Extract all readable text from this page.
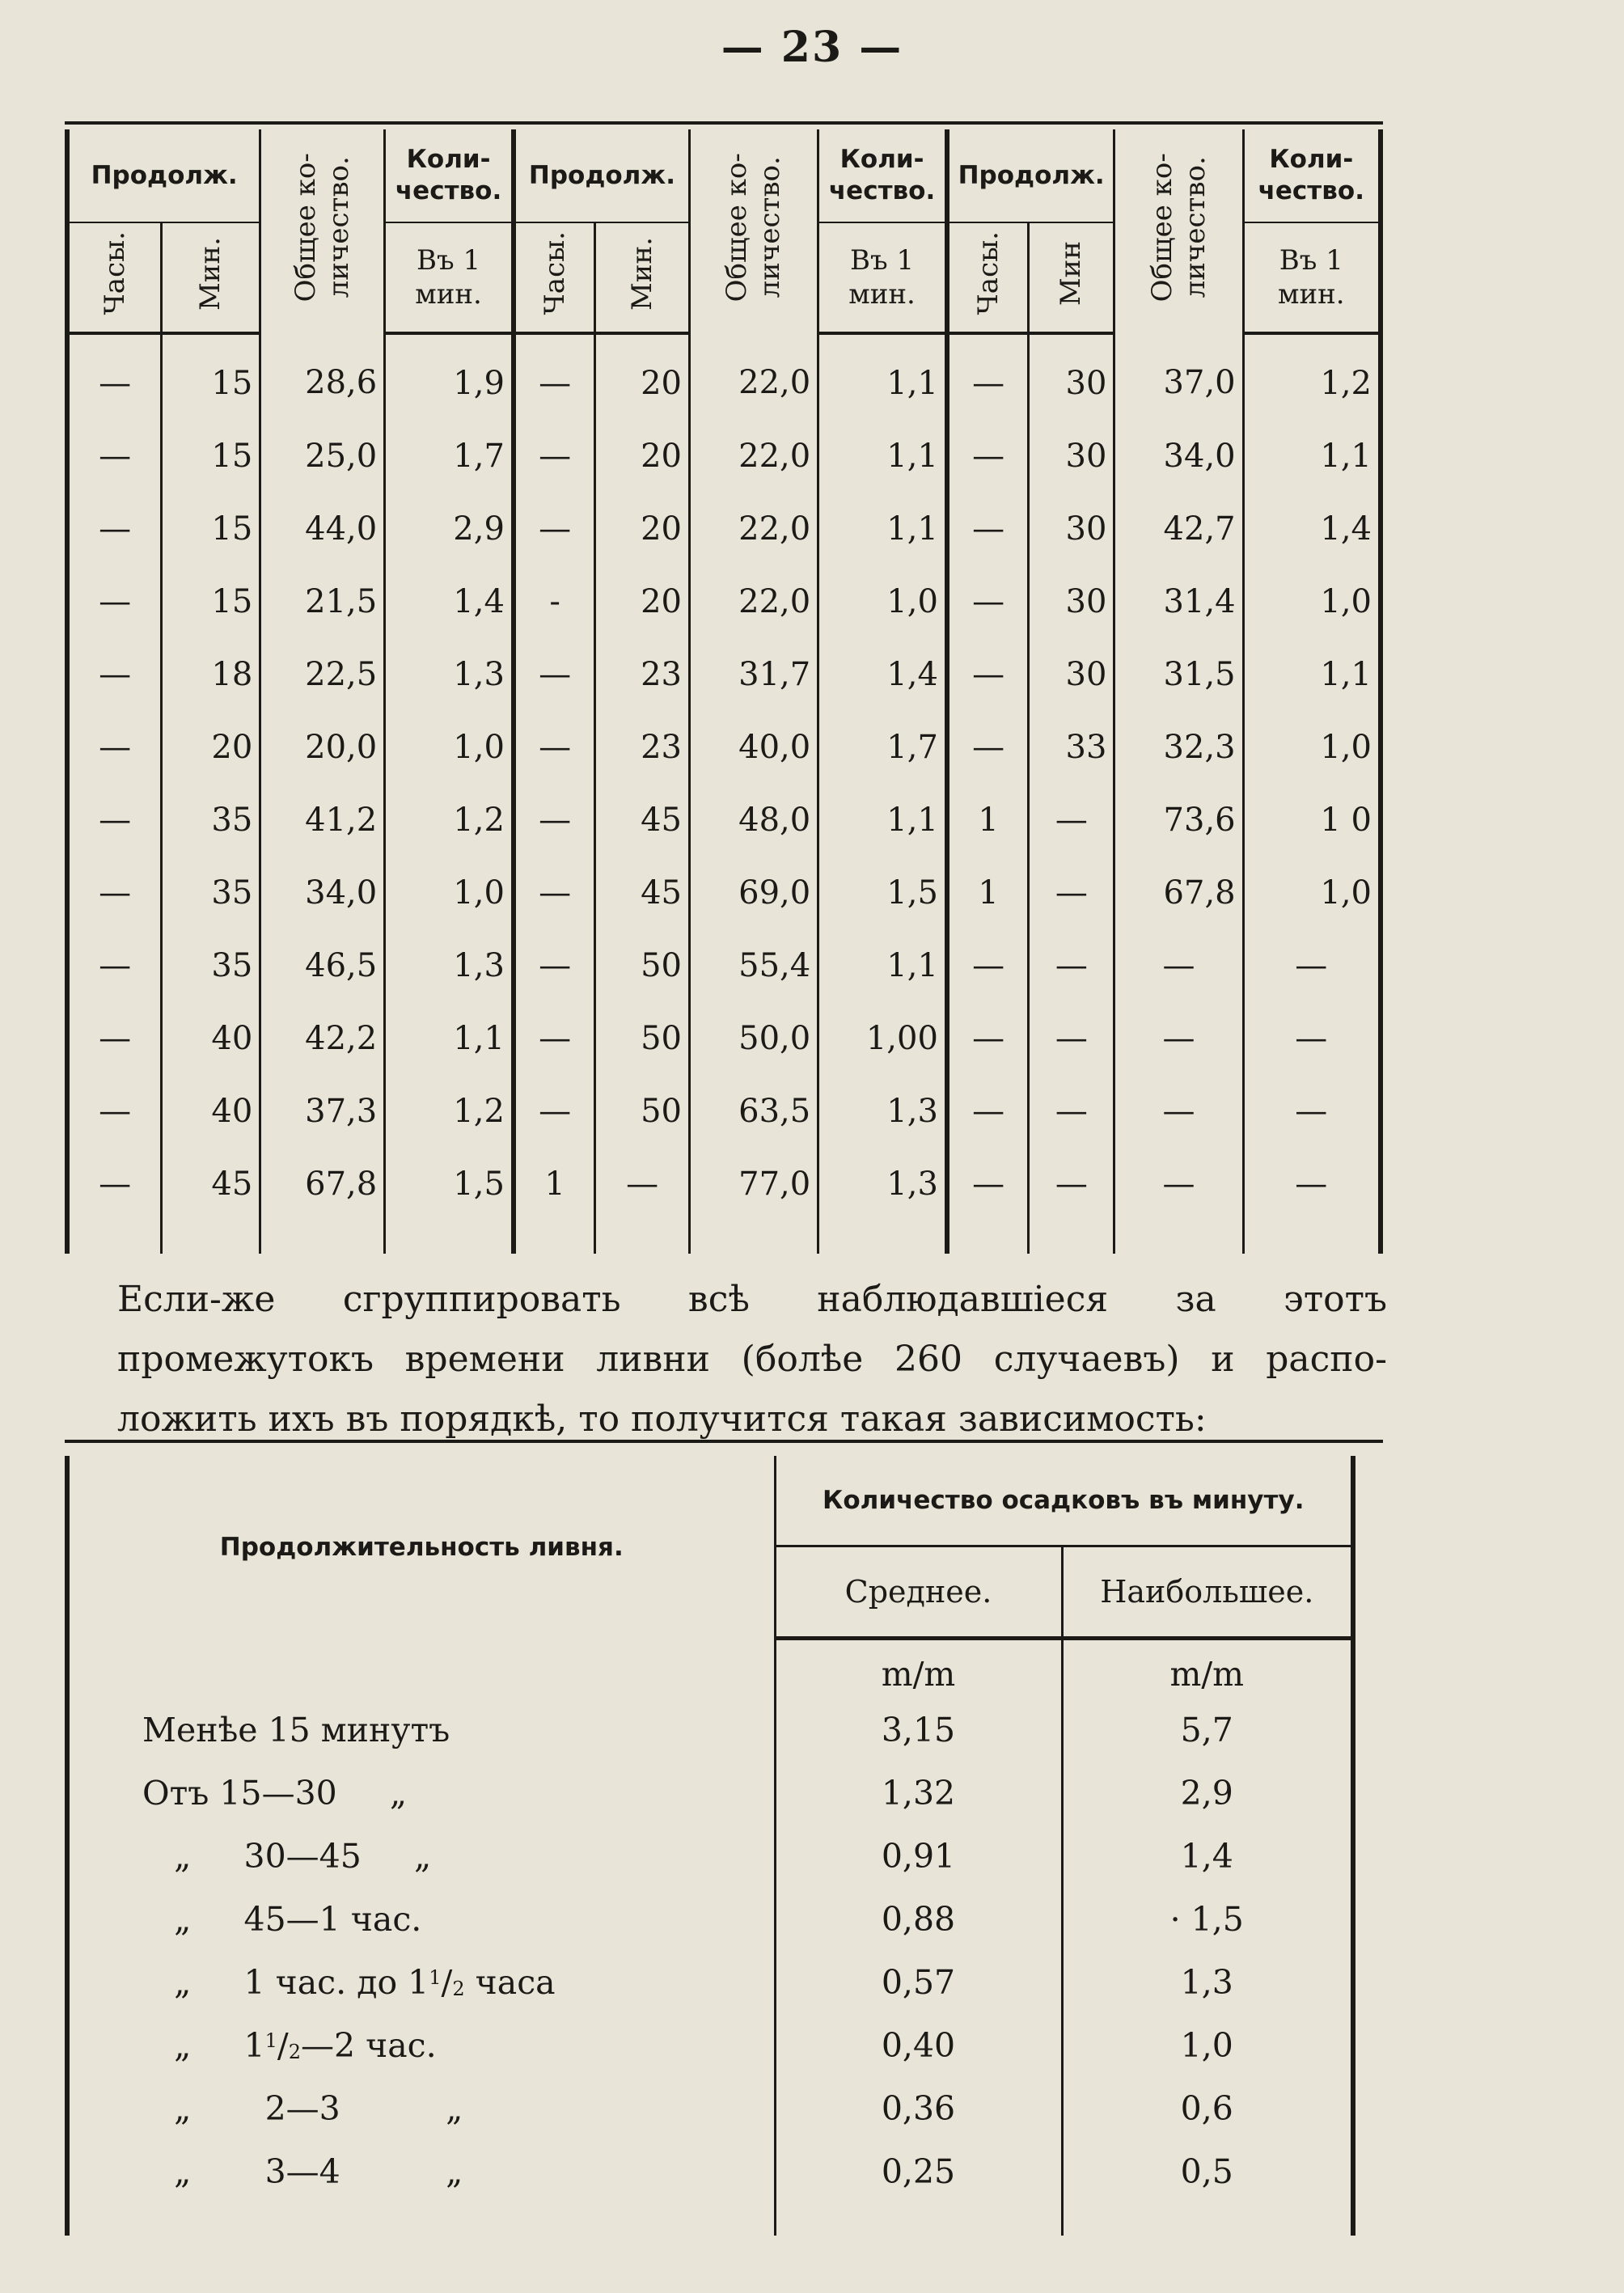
— 23 —
Продолж.		Общее ко-личество.	Коли-чество.	Продолж.		Общее ко-личество.	Коли-чество.	Продолж.		Общее ко-личество.	Коли-чество.
Часы.	Мин.		Въ 1 мин.	Часы.	Мин.		Въ 1 мин.	Часы.	Мин		Въ 1 мин.
—	15	28,6	1,9	—	20	22,0	1,1	—	30	37,0	1,2
—	15	25,0	1,7	—	20	22,0	1,1	—	30	34,0	1,1
—	15	44,0	2,9	—	20	22,0	1,1	—	30	42,7	1,4
—	15	21,5	1,4	-	20	22,0	1,0	—	30	31,4	1,0
—	18	22,5	1,3	—	23	31,7	1,4	—	30	31,5	1,1
—	20	20,0	1,0	—	23	40,0	1,7	—	33	32,3	1,0
—	35	41,2	1,2	—	45	48,0	1,1	1	—	73,6	1 0
—	35	34,0	1,0	—	45	69,0	1,5	1	—	67,8	1,0
—	35	46,5	1,3	—	50	55,4	1,1	—	—	—	—
—	40	42,2	1,1	—	50	50,0	1,00	—	—	—	—
—	40	37,3	1,2	—	50	63,5	1,3	—	—	—	—
—	45	67,8	1,5	1	—	77,0	1,3	—	—	—	—

Если-же сгруппировать всѣ наблюдавшіеся за этотъ
промежутокъ времени ливни (болѣе 260 случаевъ) и распо-
ложить ихъ въ порядкѣ, то получится такая зависимость:
Продолжительность ливня.	Количество осадковъ въ минуту.	
	Среднее.	Наибольшее.
	m/m	m/m
Менѣе 15 минутъ	3,15	5,7
Отъ 15—30     „	1,32	2,9
„     30—45     „	0,91	1,4
„     45—1 час.	0,88	· 1,5
„     1 час. до $1^1/_2$ часа	0,57	1,3
„     $1^1/_2—2$ час.	0,40	1,0
„       2—3          „	0,36	0,6
„       3—4          „	0,25	0,5
